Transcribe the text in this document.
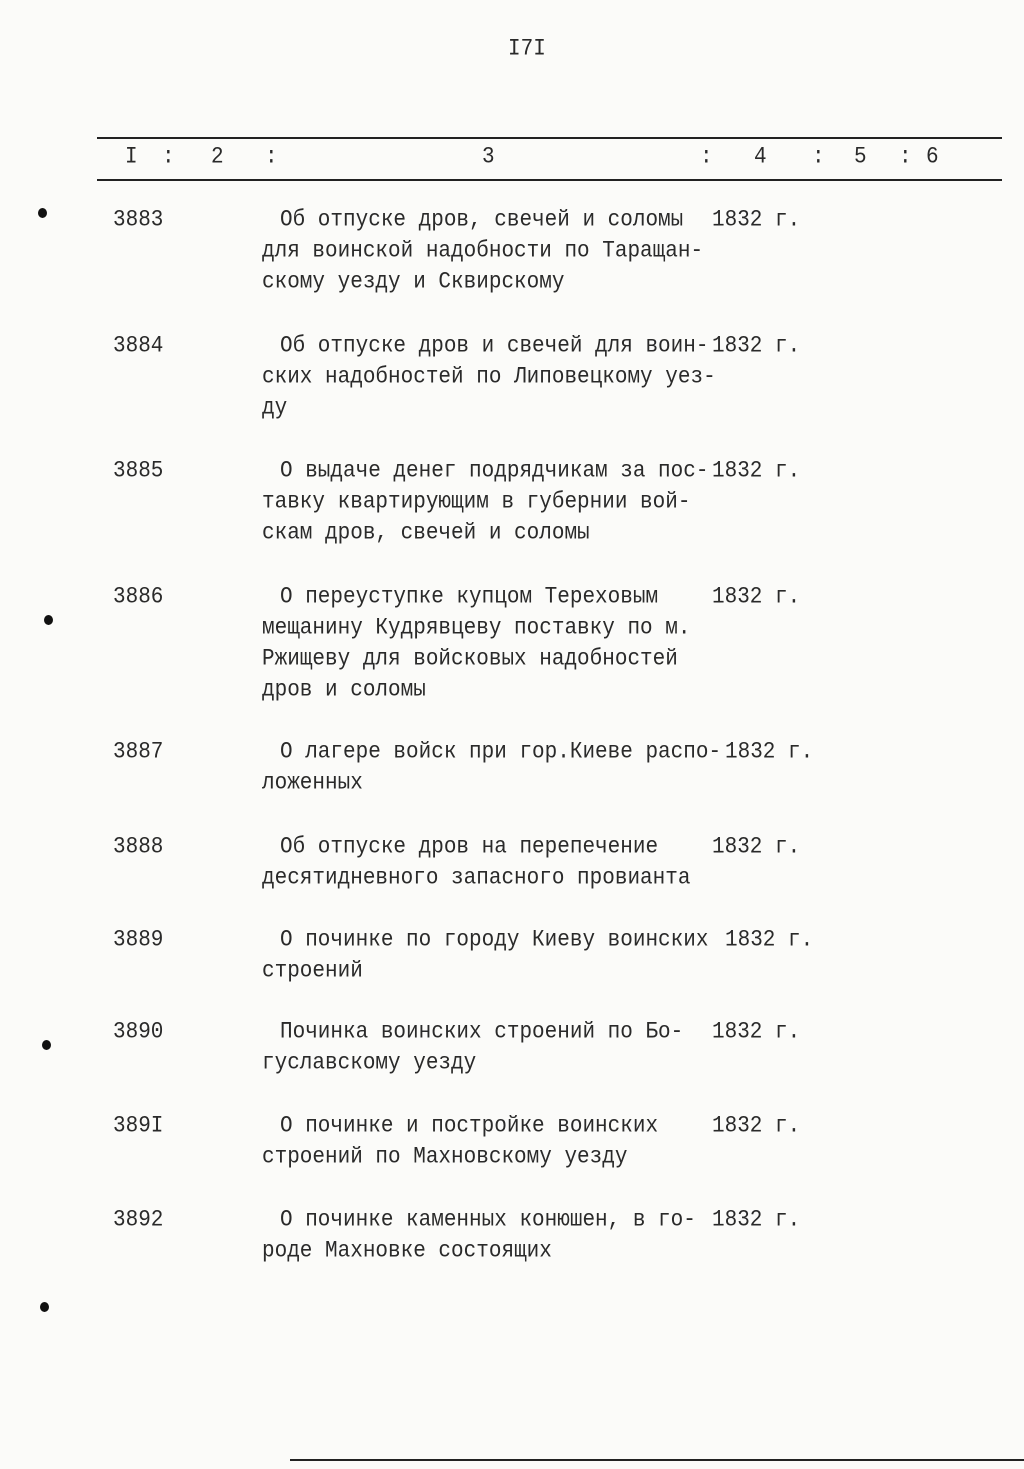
I7I
I : 2 :	3	: 4 : 5 : 6
3883	Об отпуске дров, свечей и соломы
для воинской надобности по Таращан-
скому уезду и Сквирскому
1832 г.
3884	Об отпуске дров и свечей для воин-
ских надобностей по Липовецкому уез-
ду
1832 г.
3885	О выдаче денег подрядчикам за пос-
тавку квартирующим в губернии вой-
скам дров, свечей и соломы
1832 г.
3886	О переуступке купцом Тереховым
мещанину Кудрявцеву поставку по м.
Ржищеву для войсковых надобностей
дров и соломы
1832 г.
3887	О лагере войск при гор.Киеве распо-
ложенных
1832 г.
3888	Об отпуске дров на перепечение
десятидневного запасного провианта
1832 г.
3889	О починке по городу Киеву воинских
строений
1832 г.
3890	Починка воинских строений по Бо-
гуславскому уезду
1832 г.
389I	О починке и постройке воинских
строений по Махновскому уезду
1832 г.
3892	О починке каменных конюшен, в го-
роде Махновке состоящих
1832 г.
